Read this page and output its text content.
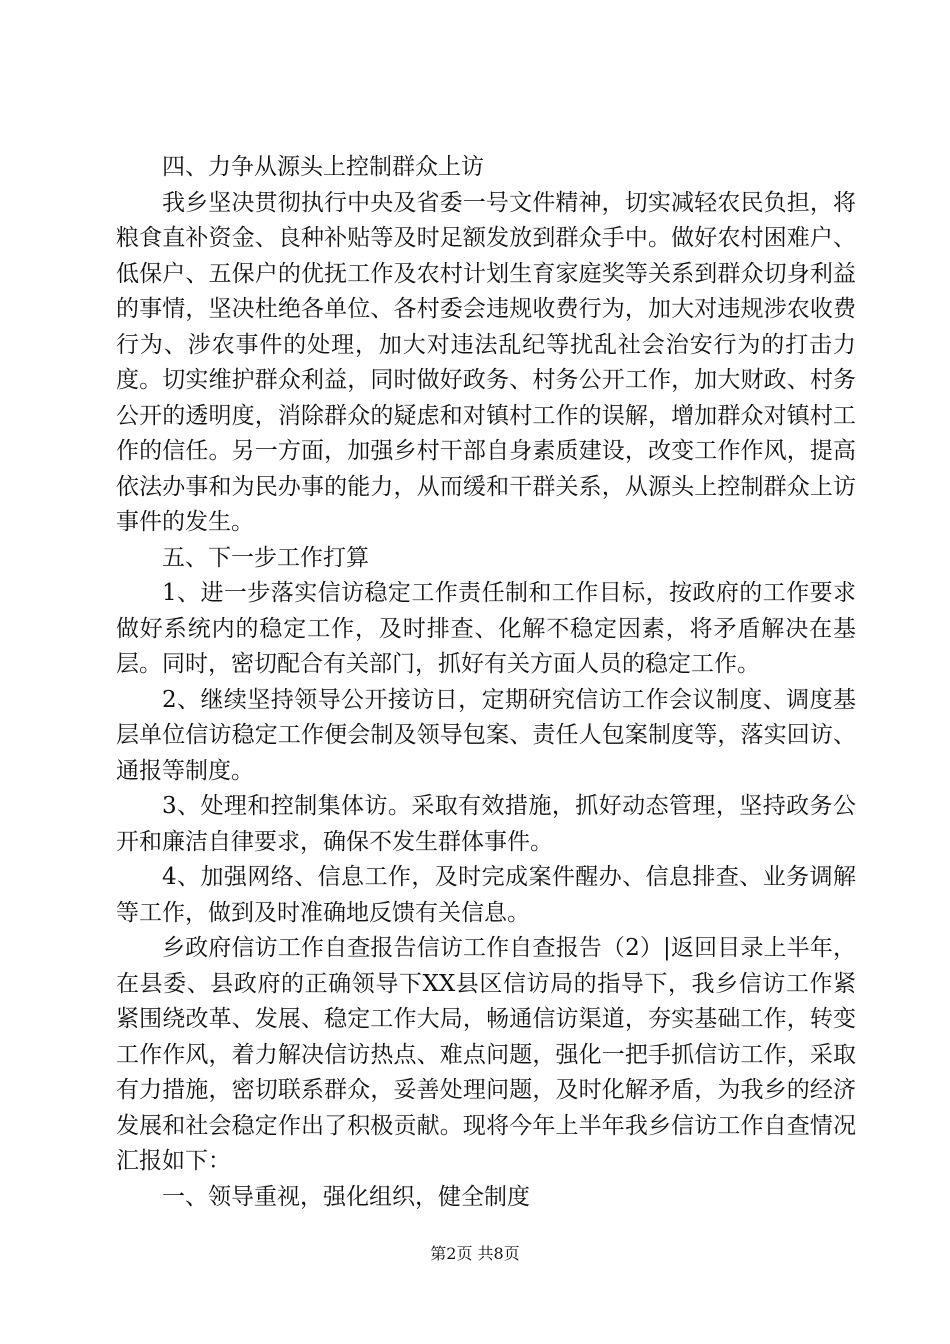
四、力争从源头上控制群众上访

我乡坚决贯彻执行中央及省委一号文件精神，切实减轻农民负担，将粮食直补资金、良种补贴等及时足额发放到群众手中。做好农村困难户、低保户、五保户的优抚工作及农村计划生育家庭奖等关系到群众切身利益的事情，坚决杜绝各单位、各村委会违规收费行为，加大对违规涉农收费行为、涉农事件的处理，加大对违法乱纪等扰乱社会治安行为的打击力度。切实维护群众利益，同时做好政务、村务公开工作，加大财政、村务公开的透明度，消除群众的疑虑和对镇村工作的误解，增加群众对镇村工作的信任。另一方面，加强乡村干部自身素质建设，改变工作作风，提高依法办事和为民办事的能力，从而缓和干群关系，从源头上控制群众上访事件的发生。

五、下一步工作打算

1、进一步落实信访稳定工作责任制和工作目标，按政府的工作要求做好系统内的稳定工作，及时排查、化解不稳定因素，将矛盾解决在基层。同时，密切配合有关部门，抓好有关方面人员的稳定工作。

2、继续坚持领导公开接访日，定期研究信访工作会议制度、调度基层单位信访稳定工作便会制及领导包案、责任人包案制度等，落实回访、通报等制度。

3、处理和控制集体访。采取有效措施，抓好动态管理，坚持政务公开和廉洁自律要求，确保不发生群体事件。

4、加强网络、信息工作，及时完成案件醒办、信息排查、业务调解等工作，做到及时准确地反馈有关信息。

乡政府信访工作自查报告信访工作自查报告（2）|返回目录上半年，在县委、县政府的正确领导下XX县区信访局的指导下，我乡信访工作紧紧围绕改革、发展、稳定工作大局，畅通信访渠道，夯实基础工作，转变工作作风，着力解决信访热点、难点问题，强化一把手抓信访工作，采取有力措施，密切联系群众，妥善处理问题，及时化解矛盾，为我乡的经济发展和社会稳定作出了积极贡献。现将今年上半年我乡信访工作自查情况汇报如下：

一、领导重视，强化组织，健全制度

第2页 共8页
